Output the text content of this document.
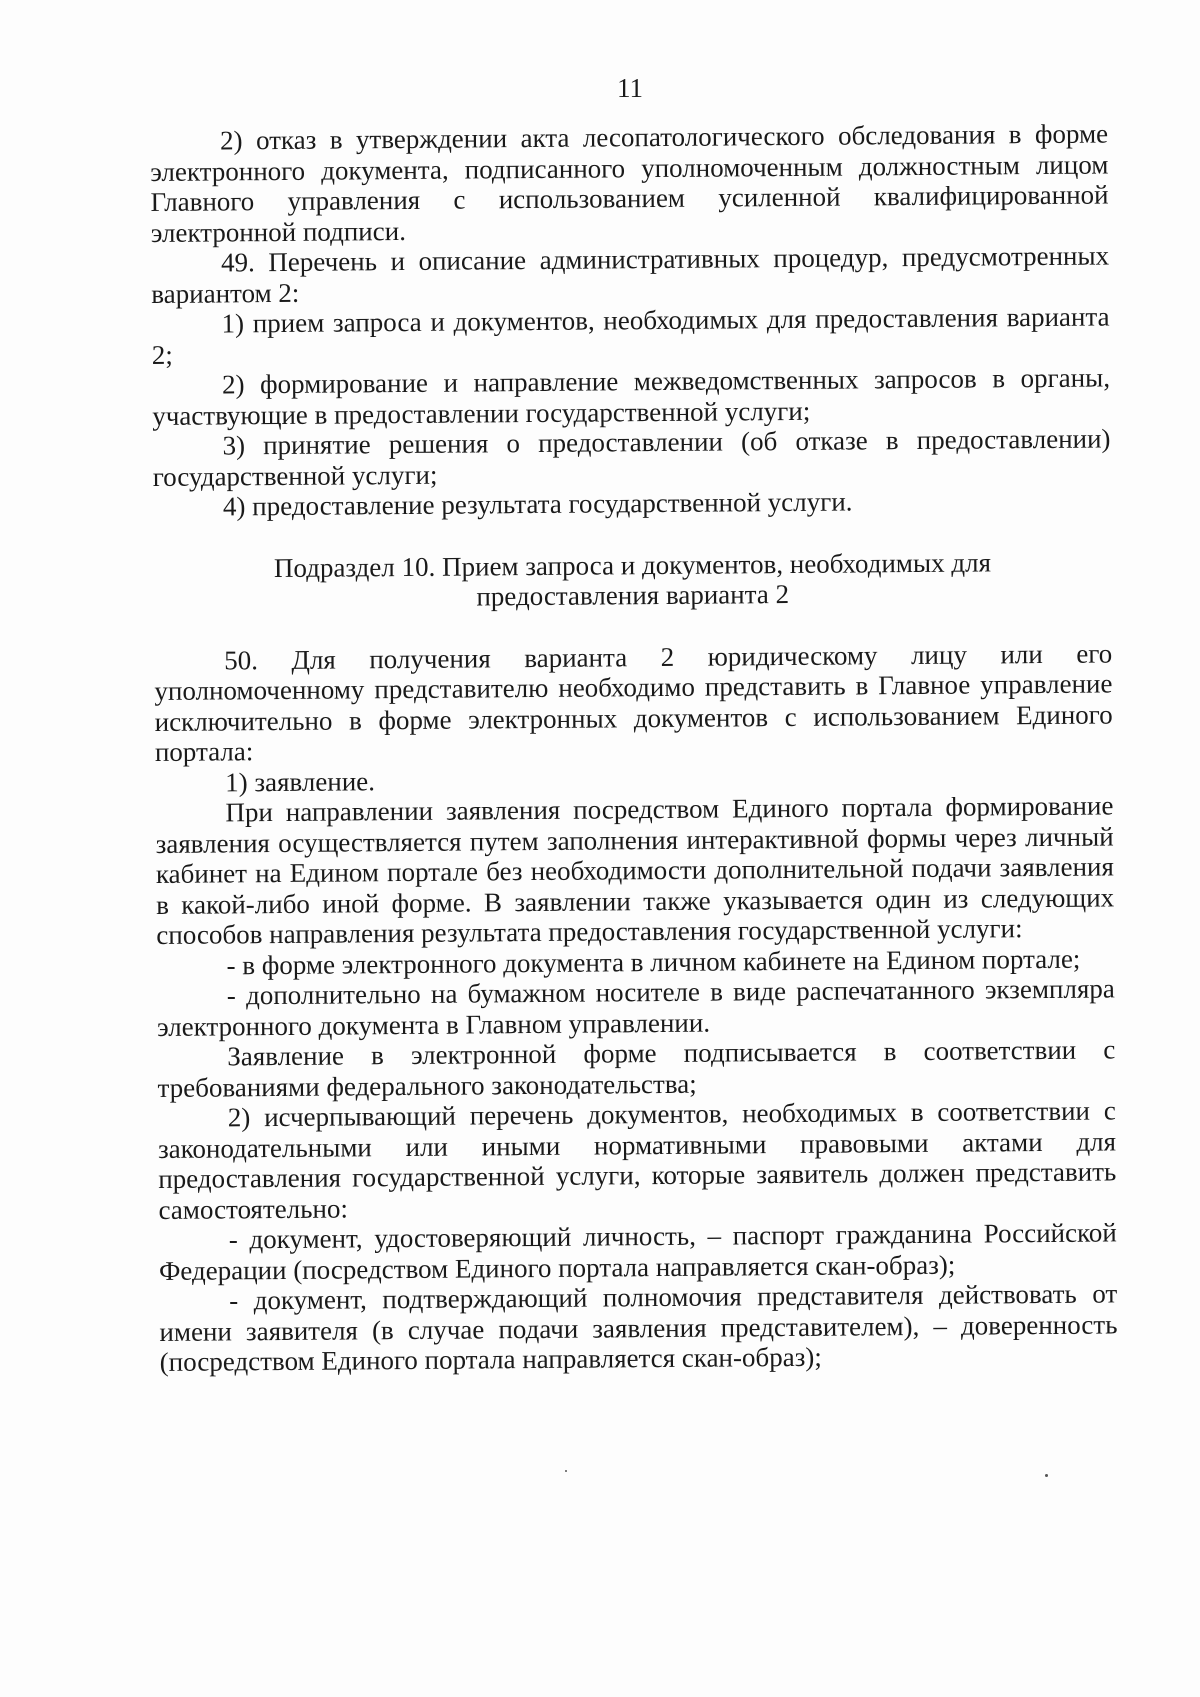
11

2) отказ в утверждении акта лесопатологического обследования в форме электронного документа, подписанного уполномоченным должностным лицом Главного управления с использованием усиленной квалифицированной электронной подписи.

49. Перечень и описание административных процедур, предусмотренных вариантом 2:

1) прием запроса и документов, необходимых для предоставления варианта 2;

2) формирование и направление межведомственных запросов в органы, участвующие в предоставлении государственной услуги;

3) принятие решения о предоставлении (об отказе в предоставлении) государственной услуги;

4) предоставление результата государственной услуги.

Подраздел 10. Прием запроса и документов, необходимых для

предоставления варианта 2

50. Для получения варианта 2 юридическому лицу или его уполномоченному представителю необходимо представить в Главное управление исключительно в форме электронных документов с использованием Единого портала:

1) заявление.

При направлении заявления посредством Единого портала формирование заявления осуществляется путем заполнения интерактивной формы через личный кабинет на Едином портале без необходимости дополнительной подачи заявления в какой-либо иной форме. В заявлении также указывается один из следующих способов направления результата предоставления государственной услуги:

- в форме электронного документа в личном кабинете на Едином портале;

- дополнительно на бумажном носителе в виде распечатанного экземпляра электронного документа в Главном управлении.

Заявление в электронной форме подписывается в соответствии с требованиями федерального законодательства;

2) исчерпывающий перечень документов, необходимых в соответствии с законодательными или иными нормативными правовыми актами для предоставления государственной услуги, которые заявитель должен представить самостоятельно:

- документ, удостоверяющий личность, – паспорт гражданина Российской Федерации (посредством Единого портала направляется скан-образ);

- документ, подтверждающий полномочия представителя действовать от имени заявителя (в случае подачи заявления представителем), – доверенность (посредством Единого портала направляется скан-образ);
